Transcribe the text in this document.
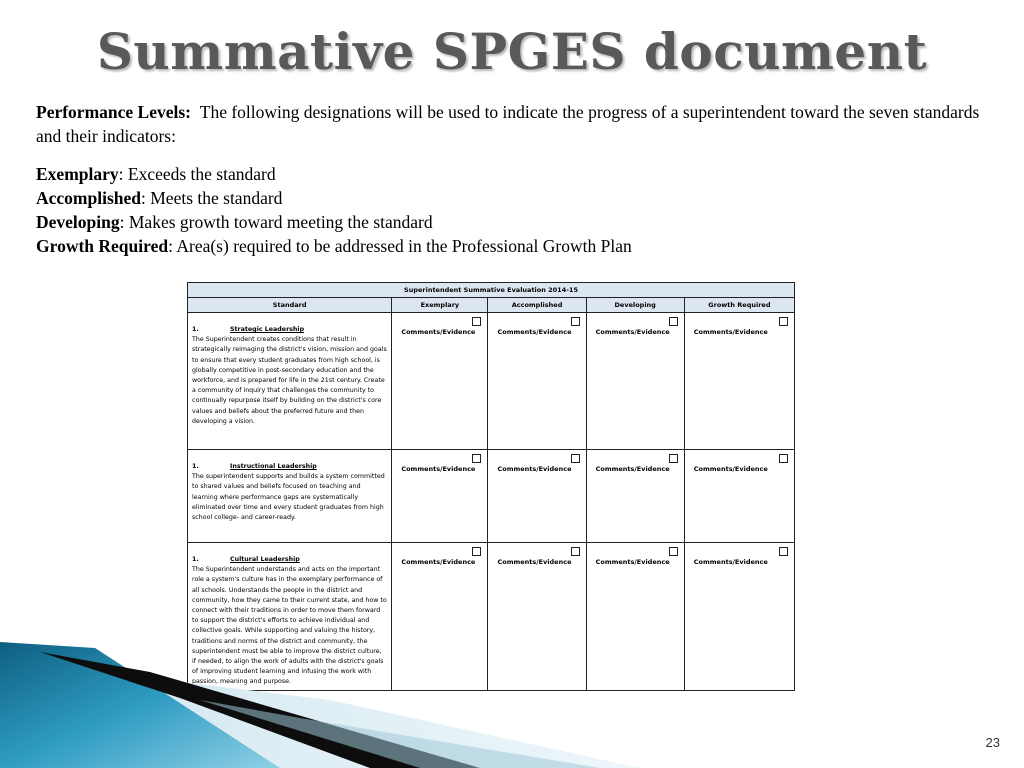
Summative SPGES document
Performance Levels: The following designations will be used to indicate the progress of a superintendent toward the seven standards and their indicators:

Exemplary: Exceeds the standard

Accomplished: Meets the standard

Developing: Makes growth toward meeting the standard

Growth Required: Area(s) required to be addressed in the Professional Growth Plan

Superintendent Summative Evaluation 2014-15				
Standard	Exemplary	Accomplished	Developing	Growth Required

1. Strategic Leadership
The Superintendent creates conditions that result in strategically reimaging the district's vision, mission and goals to ensure that every student graduates from high school, is globally competitive in post-secondary education and the workforce, and is prepared for life in the 21st century. Create a community of inquiry that challenges the community to continually repurpose itself by building on the district's core values and beliefs about the preferred future and then developing a vision.	Comments/Evidence	Comments/Evidence	Comments/Evidence	Comments/Evidence

1. Instructional Leadership
The superintendent supports and builds a system committed to shared values and beliefs focused on teaching and learning where performance gaps are systematically eliminated over time and every student graduates from high school college- and career-ready.	Comments/Evidence	Comments/Evidence	Comments/Evidence	Comments/Evidence

1. Cultural Leadership
The Superintendent understands and acts on the important role a system's culture has in the exemplary performance of all schools. Understands the people in the district and community, how they came to their current state, and how to connect with their traditions in order to move them forward to support the district's efforts to achieve individual and collective goals. While supporting and valuing the history, traditions and norms of the district and community, the superintendent must be able to improve the district culture, if needed, to align the work of adults with the district's goals of improving student learning and infusing the work with passion, meaning and purpose.	Comments/Evidence	Comments/Evidence	Comments/Evidence	Comments/Evidence
23
